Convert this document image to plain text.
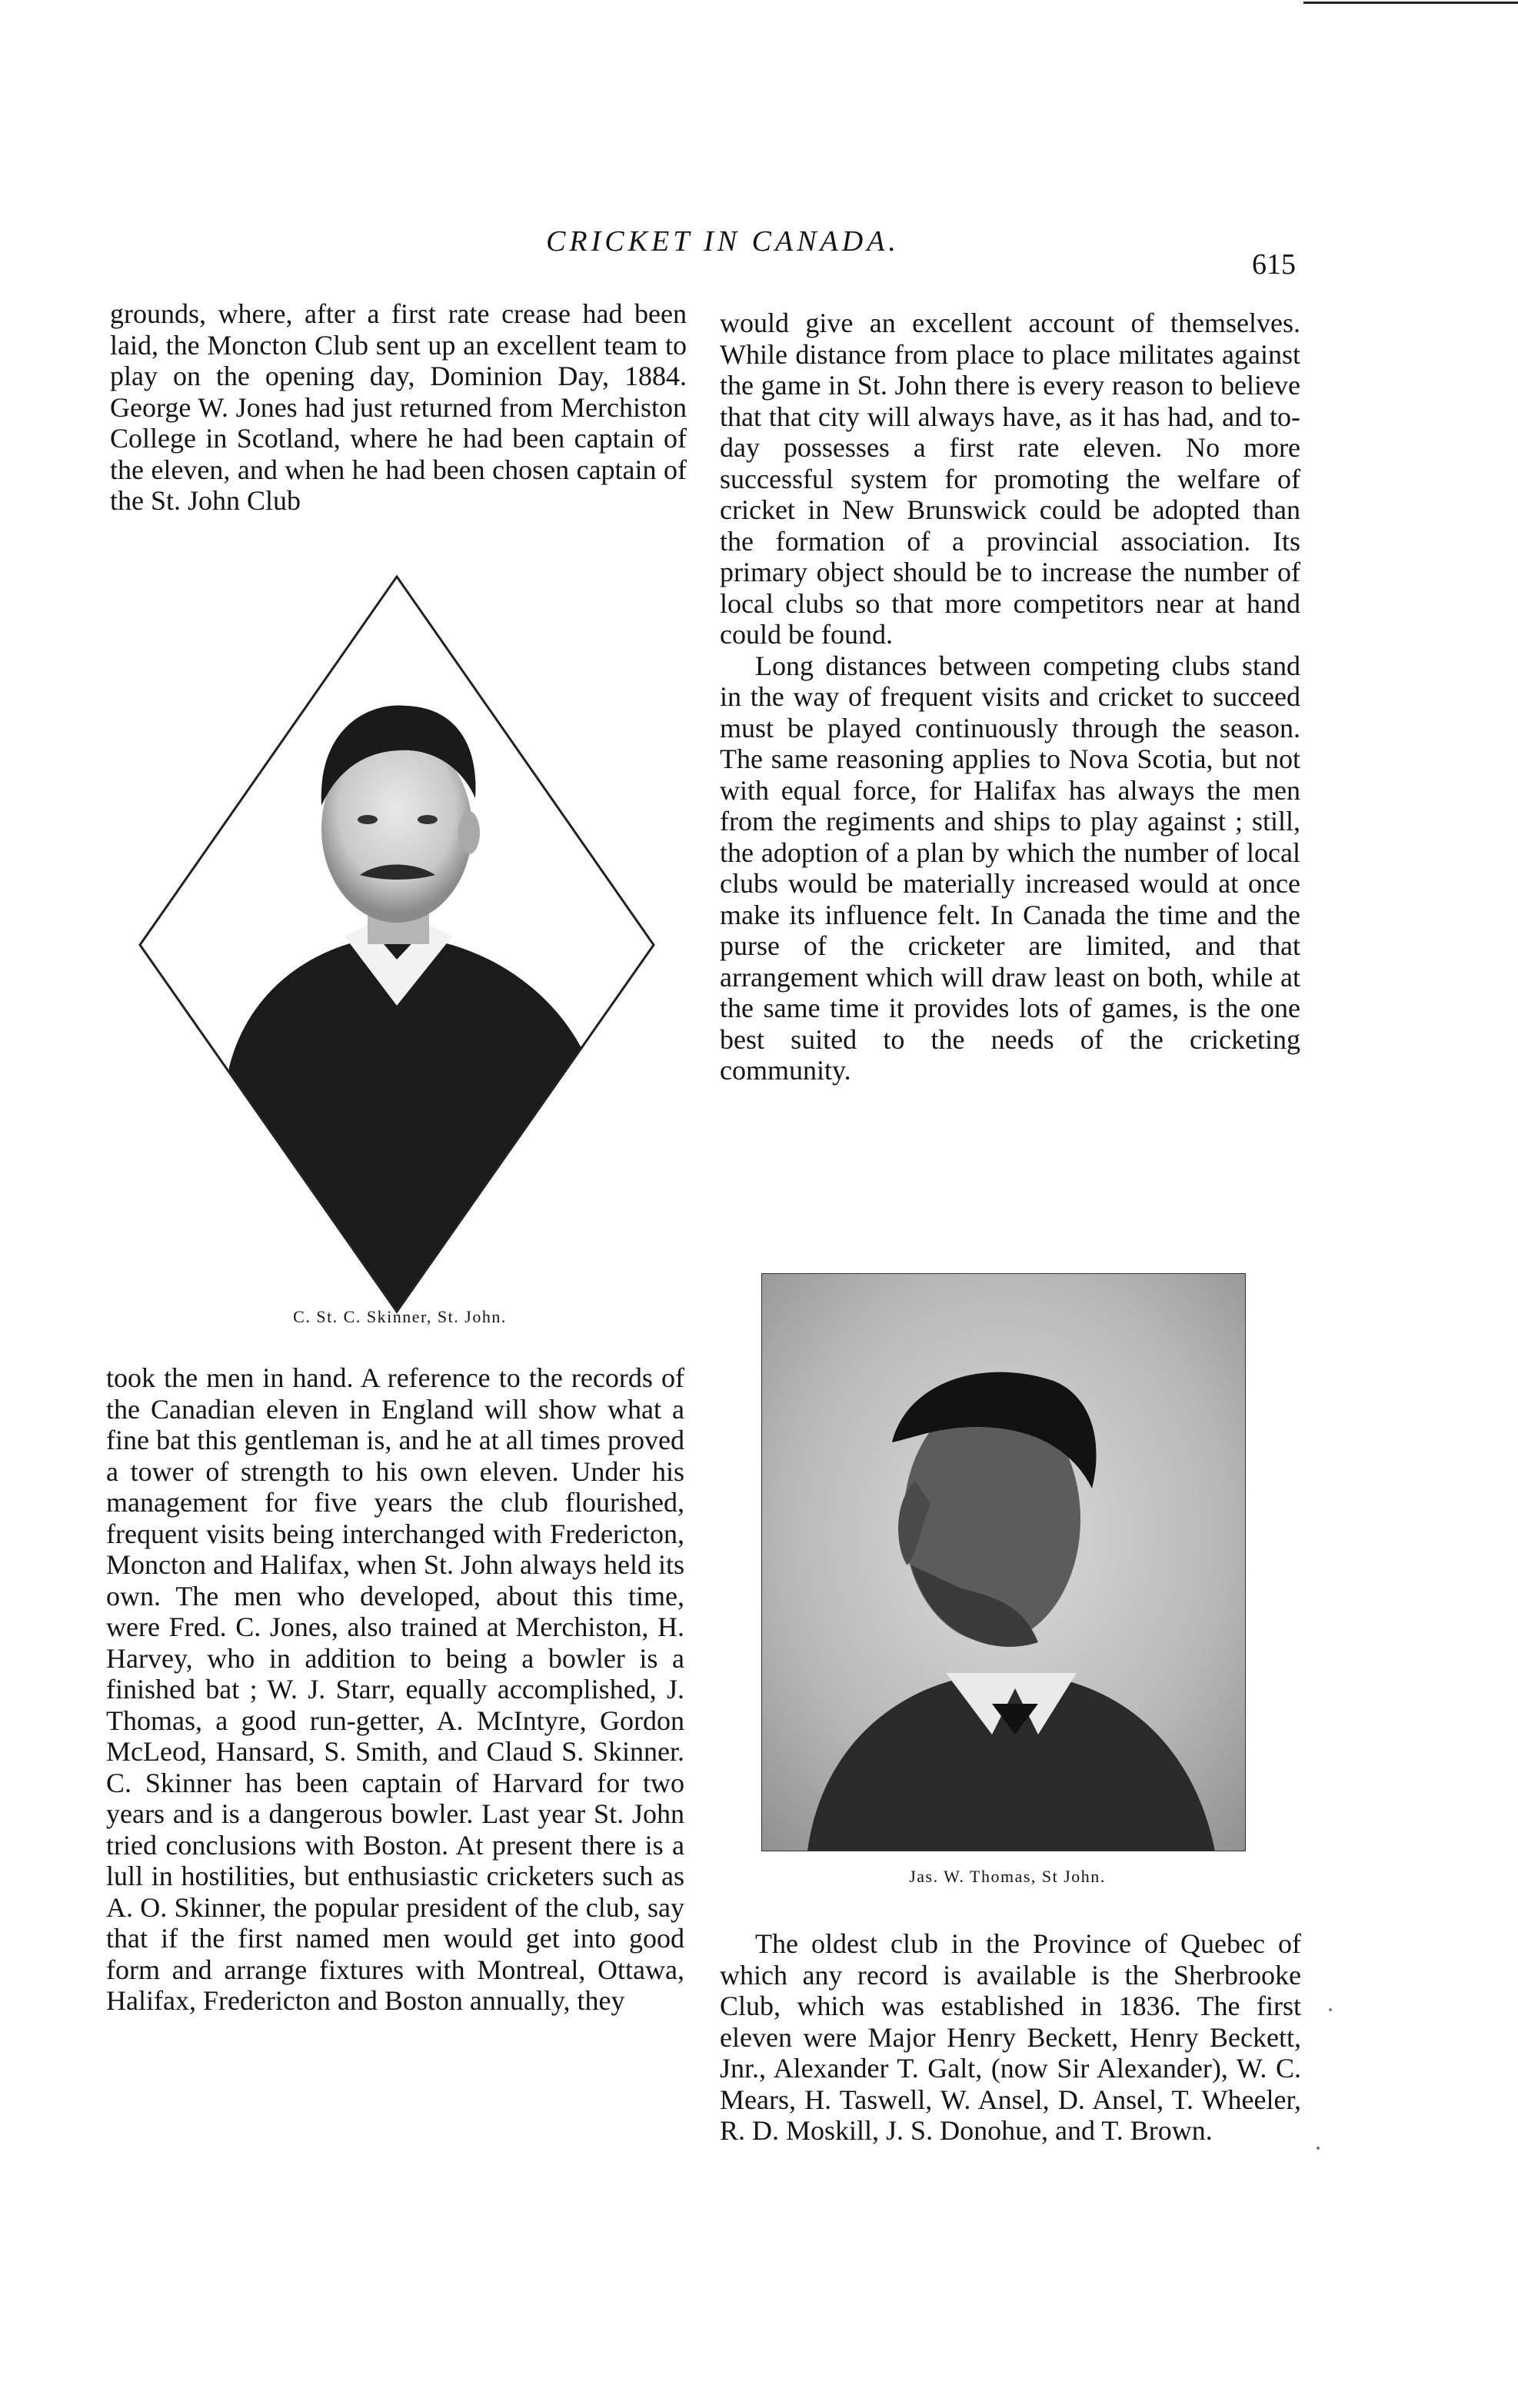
CRICKET IN CANADA.
615

grounds, where, after a first rate crease had been laid, the Moncton Club sent up an excellent team to play on the opening day, Dominion Day, 1884. George W. Jones had just returned from Merchiston College in Scotland, where he had been captain of the eleven, and when he had been chosen captain of the St. John Club

C. St. C. Skinner, St. John.

took the men in hand. A reference to the records of the Canadian eleven in England will show what a fine bat this gentleman is, and he at all times proved a tower of strength to his own eleven. Under his management for five years the club flourished, frequent visits being interchanged with Fredericton, Moncton and Halifax, when St. John always held its own. The men who developed, about this time, were Fred. C. Jones, also trained at Merchiston, H. Harvey, who in addition to being a bowler is a finished bat ; W. J. Starr, equally accomplished, J. Thomas, a good run-getter, A. McIntyre, Gordon McLeod, Hansard, S. Smith, and Claud S. Skinner. C. Skinner has been captain of Harvard for two years and is a dangerous bowler. Last year St. John tried conclusions with Boston. At present there is a lull in hostilities, but enthusiastic cricketers such as A. O. Skinner, the popular president of the club, say that if the first named men would get into good form and arrange fixtures with Montreal, Ottawa, Halifax, Fredericton and Boston annually, they

would give an excellent account of themselves. While distance from place to place militates against the game in St. John there is every reason to believe that that city will always have, as it has had, and to-day possesses a first rate eleven. No more successful system for promoting the welfare of cricket in New Brunswick could be adopted than the formation of a provincial association. Its primary object should be to increase the number of local clubs so that more competitors near at hand could be found.

Long distances between competing clubs stand in the way of frequent visits and cricket to succeed must be played continuously through the season. The same reasoning applies to Nova Scotia, but not with equal force, for Halifax has always the men from the regiments and ships to play against ; still, the adoption of a plan by which the number of local clubs would be materially increased would at once make its influence felt. In Canada the time and the purse of the cricketer are limited, and that arrangement which will draw least on both, while at the same time it provides lots of games, is the one best suited to the needs of the cricketing community.

Jas. W. Thomas, St John.

The oldest club in the Province of Quebec of which any record is available is the Sherbrooke Club, which was established in 1836. The first eleven were Major Henry Beckett, Henry Beckett, Jnr., Alexander T. Galt, (now Sir Alexander), W. C. Mears, H. Taswell, W. Ansel, D. Ansel, T. Wheeler, R. D. Moskill, J. S. Donohue, and T. Brown.
